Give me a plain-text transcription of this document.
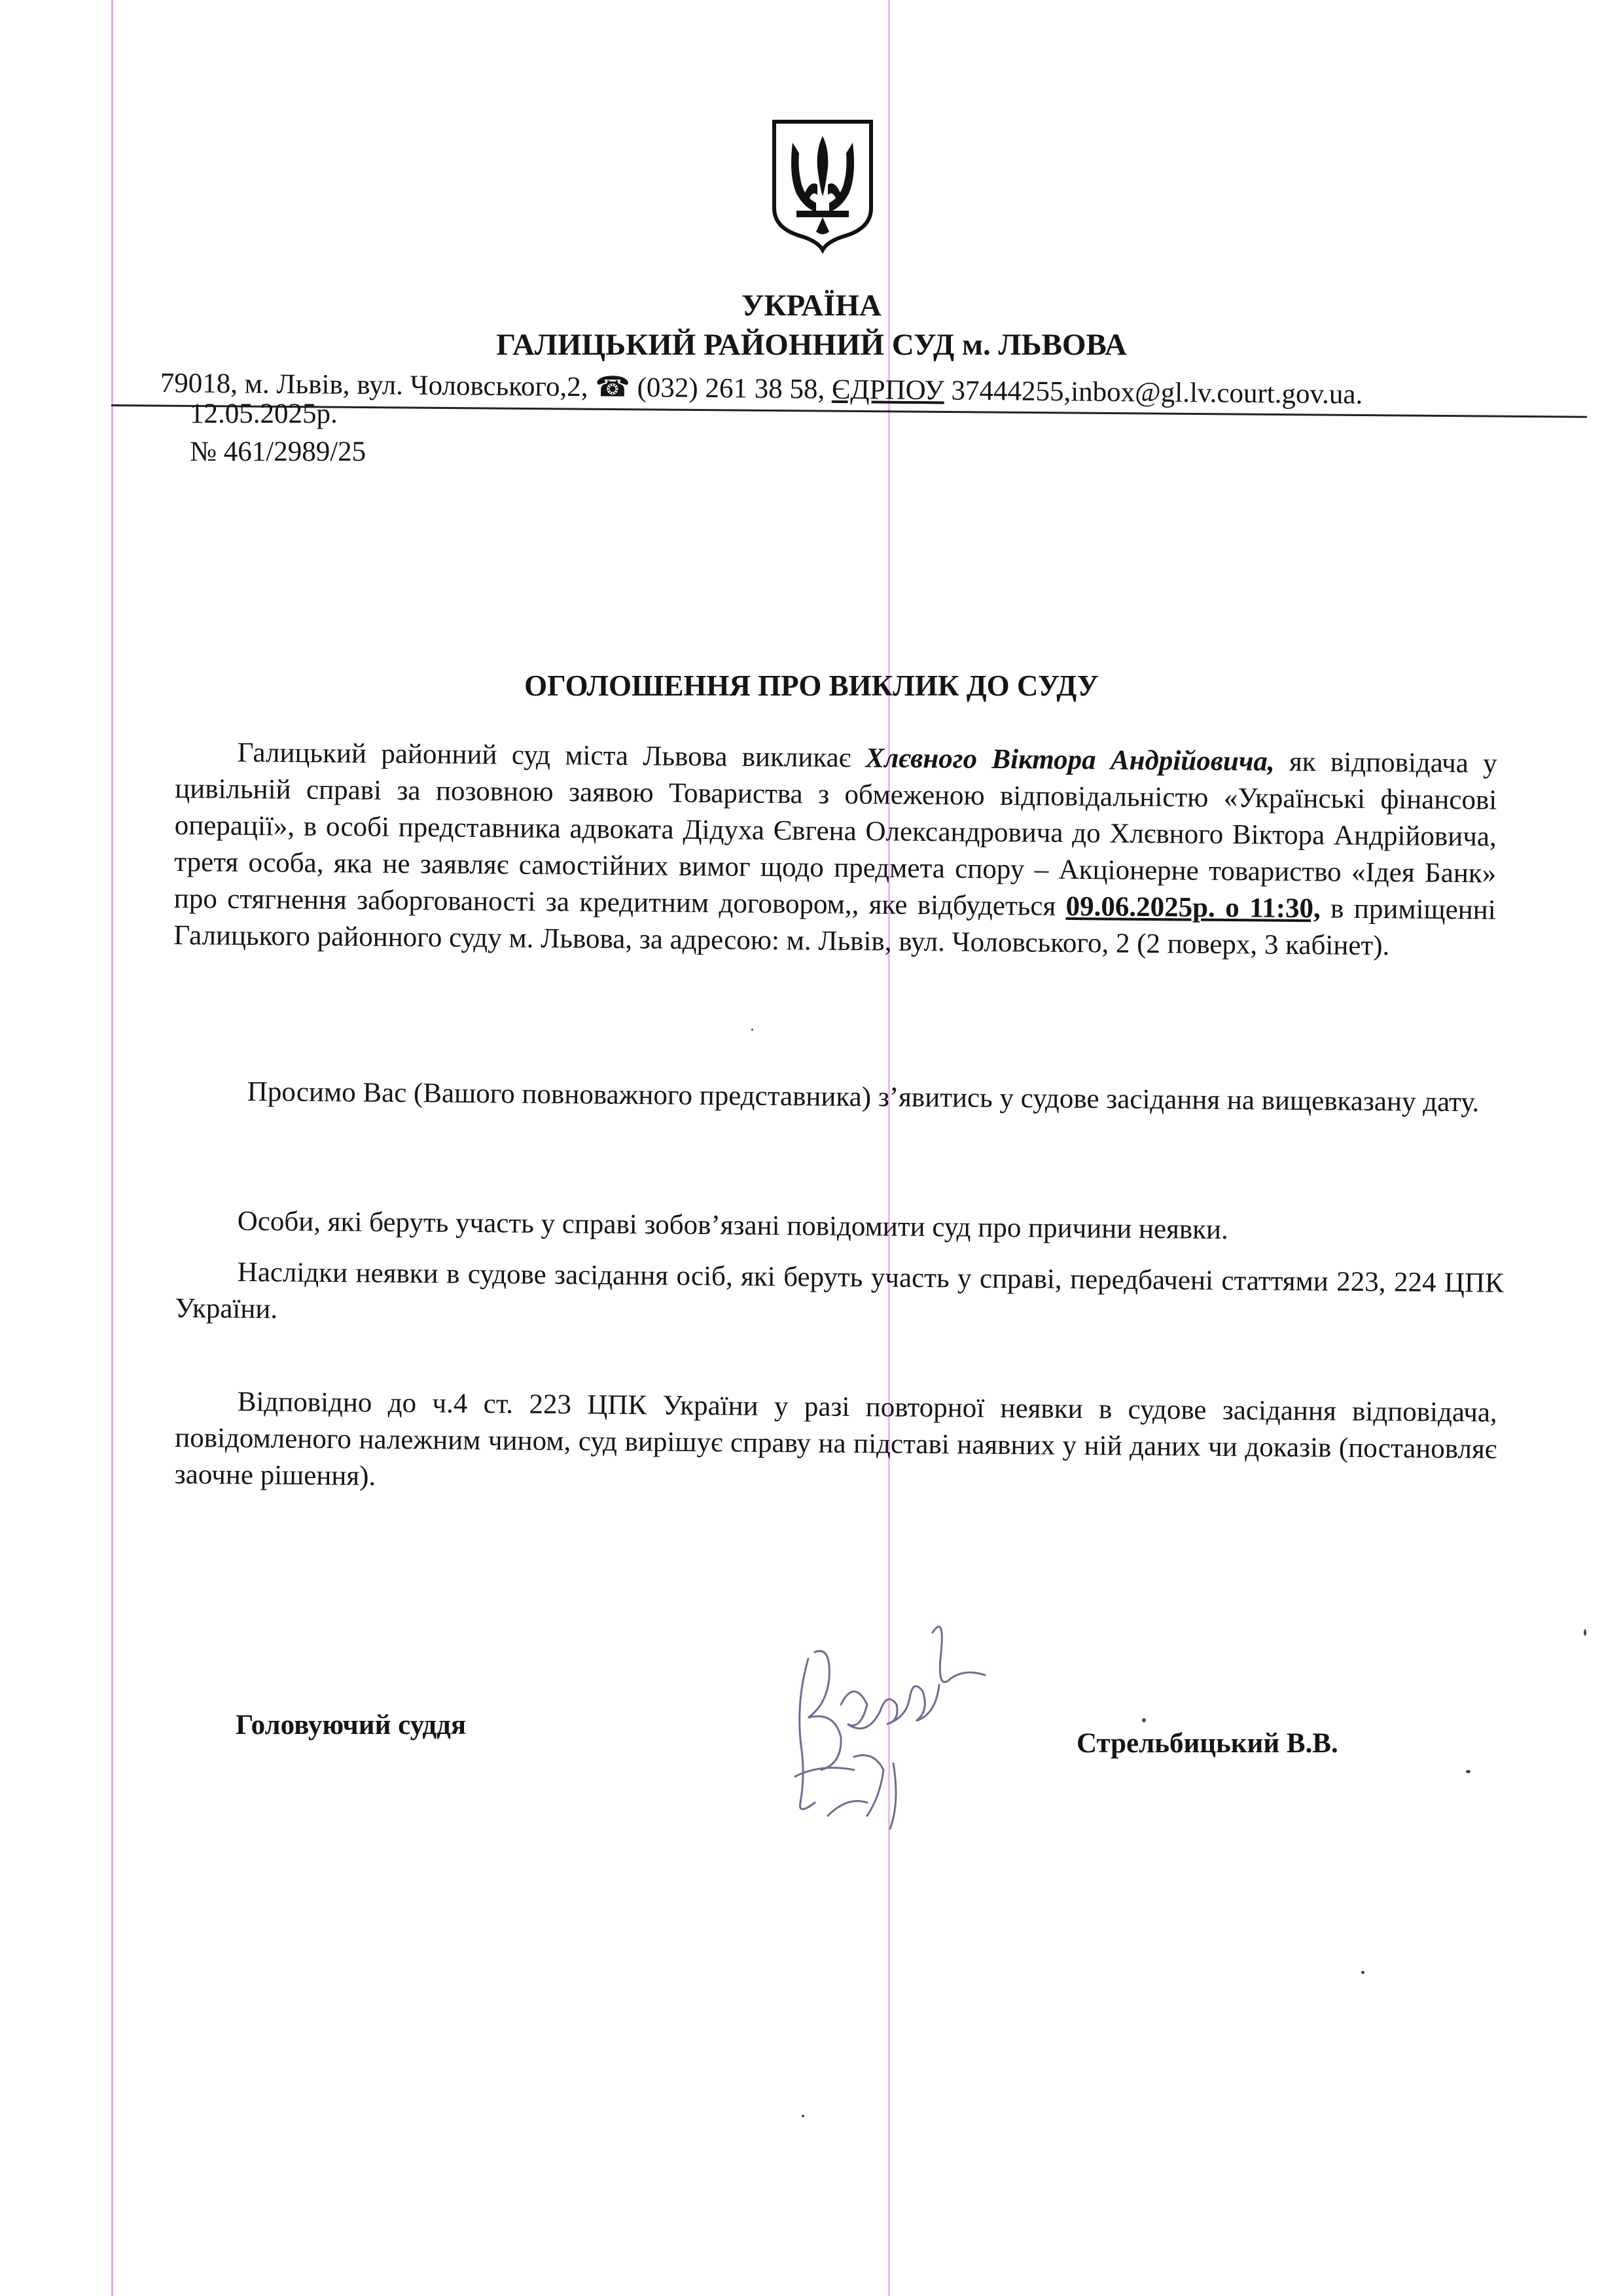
УКРАЇНА
ГАЛИЦЬКИЙ РАЙОННИЙ СУД м. ЛЬВОВА
79018, м. Львів, вул. Чоловського,2, ☎ (032) 261 38 58, ЄДРПОУ 37444255,inbox@gl.lv.court.gov.ua.
12.05.2025р.
№ 461/2989/25
ОГОЛОШЕННЯ ПРО ВИКЛИК ДО СУДУ
Галицький районний суд міста Львова викликає Хлєвного Віктора Андрійовича, як відповідача у цивільній справі за позовною заявою Товариства з обмеженою відповідальністю «Українські фінансові операції», в особі представника адвоката Дідуха Євгена Олександровича до Хлєвного Віктора Андрійовича, третя особа, яка не заявляє самостійних вимог щодо предмета спору – Акціонерне товариство «Ідея Банк» про стягнення заборгованості за кредитним договором,, яке відбудеться 09.06.2025р. о 11:30, в приміщенні Галицького районного суду м. Львова, за адресою: м. Львів, вул. Чоловського, 2 (2 поверх, 3 кабінет).
Просимо Вас (Вашого повноважного представника) з’явитись у судове засідання на вищевказану дату.
Особи, які беруть участь у справі зобов’язані повідомити суд про причини неявки.
Наслідки неявки в судове засідання осіб, які беруть участь у справі, передбачені статтями 223, 224 ЦПК України.
Відповідно до ч.4 ст. 223 ЦПК України у разі повторної неявки в судове засідання відповідача, повідомленого належним чином, суд вирішує справу на підставі наявних у ній даних чи доказів (постановляє заочне рішення).
Головуючий суддя
Стрельбицький В.В.
